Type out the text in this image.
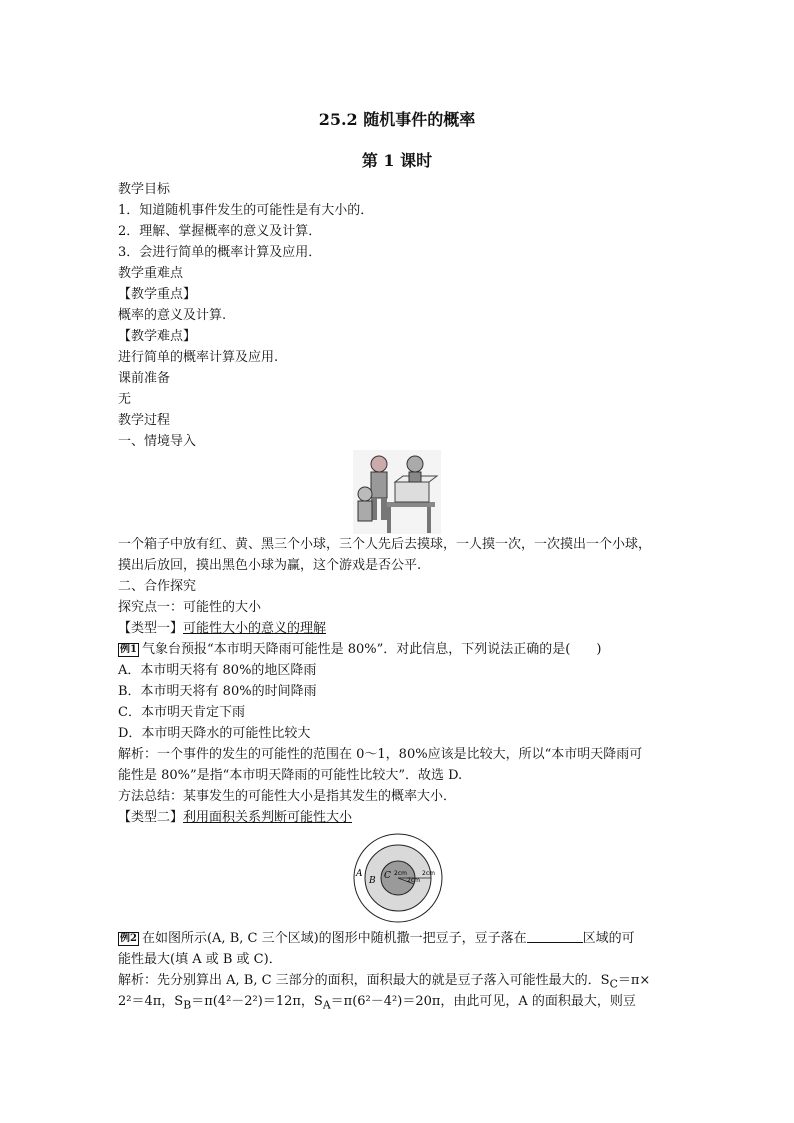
25.2 随机事件的概率
第 1 课时
教学目标
1．知道随机事件发生的可能性是有大小的．
2．理解、掌握概率的意义及计算．
3．会进行简单的概率计算及应用．
教学重难点
【教学重点】
概率的意义及计算.
【教学难点】
进行简单的概率计算及应用.
课前准备
无
教学过程
一、情境导入
一个箱子中放有红、黄、黑三个小球，三个人先后去摸球，一人摸一次，一次摸出一个小球，
摸出后放回，摸出黑色小球为赢，这个游戏是否公平.
二、合作探究
探究点一：可能性的大小
【类型一】可能性大小的意义的理解
例1 气象台预报“本市明天降雨可能性是 80%”．对此信息，下列说法正确的是(　　)
A．本市明天将有 80%的地区降雨
B．本市明天将有 80%的时间降雨
C．本市明天肯定下雨
D．本市明天降水的可能性比较大
解析：一个事件的发生的可能性的范围在 0～1，80%应该是比较大，所以“本市明天降雨可
能性是 80%”是指“本市明天降雨的可能性比较大”．故选 D.
方法总结：某事发生的可能性大小是指其发生的概率大小．
【类型二】利用面积关系判断可能性大小
A
B C 2cm	2cm
2cm
例2 在如图所示(A, B, C 三个区域)的图形中随机撒一把豆子，豆子落在	区域的可
能性最大(填 A 或 B 或 C)．
解析：先分别算出 A, B, C 三部分的面积，面积最大的就是豆子落入可能性最大的．$S_C=\pi\times$
2²＝4π，$S_B=\pi(4^2-2^2)=12\pi$，$S_A=\pi(6^2-4^2)=20\pi$，由此可见，A 的面积最大，则豆
